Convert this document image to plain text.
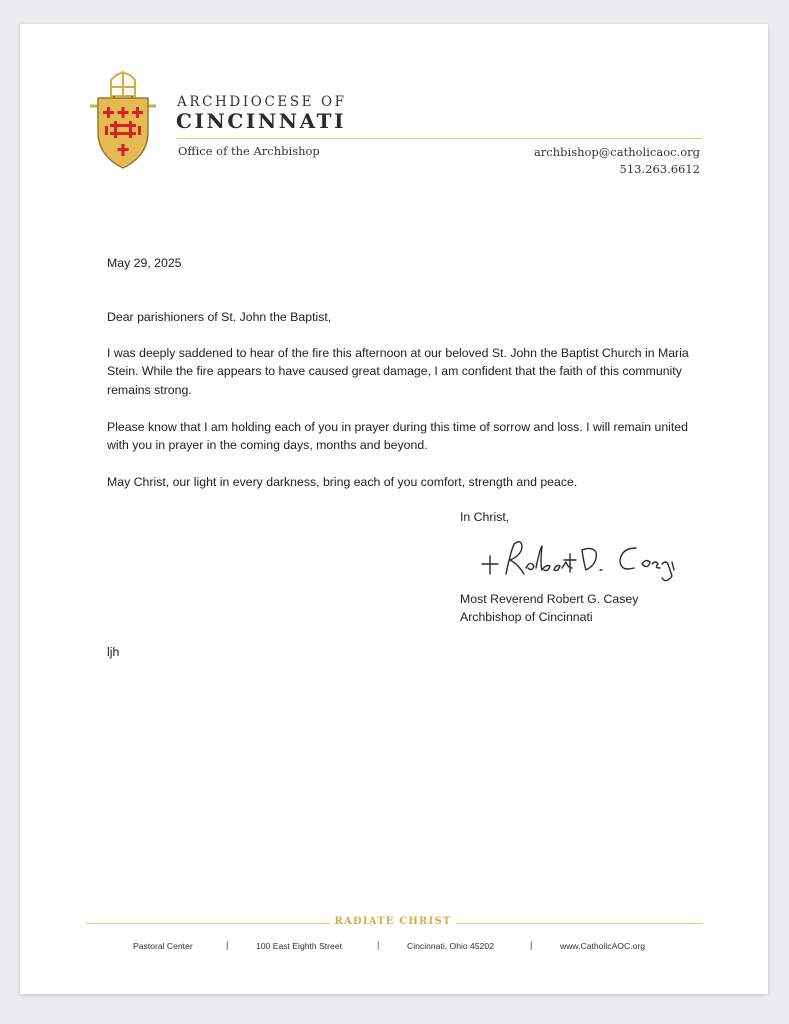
ARCHDIOCESE OF
CINCINNATI
Office of the Archbishop	archbishop@catholicaoc.org
513.263.6612
May 29, 2025
Dear parishioners of St. John the Baptist,
I was deeply saddened to hear of the fire this afternoon at our beloved St. John the Baptist Church in Maria Stein. While the fire appears to have caused great damage, I am confident that the faith of this community remains strong.
Please know that I am holding each of you in prayer during this time of sorrow and loss. I will remain united with you in prayer in the coming days, months and beyond.
May Christ, our light in every darkness, bring each of you comfort, strength and peace.
In Christ,
Most Reverend Robert G. Casey
Archbishop of Cincinnati
ljh
RADIATE CHRIST
Pastoral Center	|	100 East Eighth Street	|	Cincinnati, Ohio 45202	|	www.CatholicAOC.org
